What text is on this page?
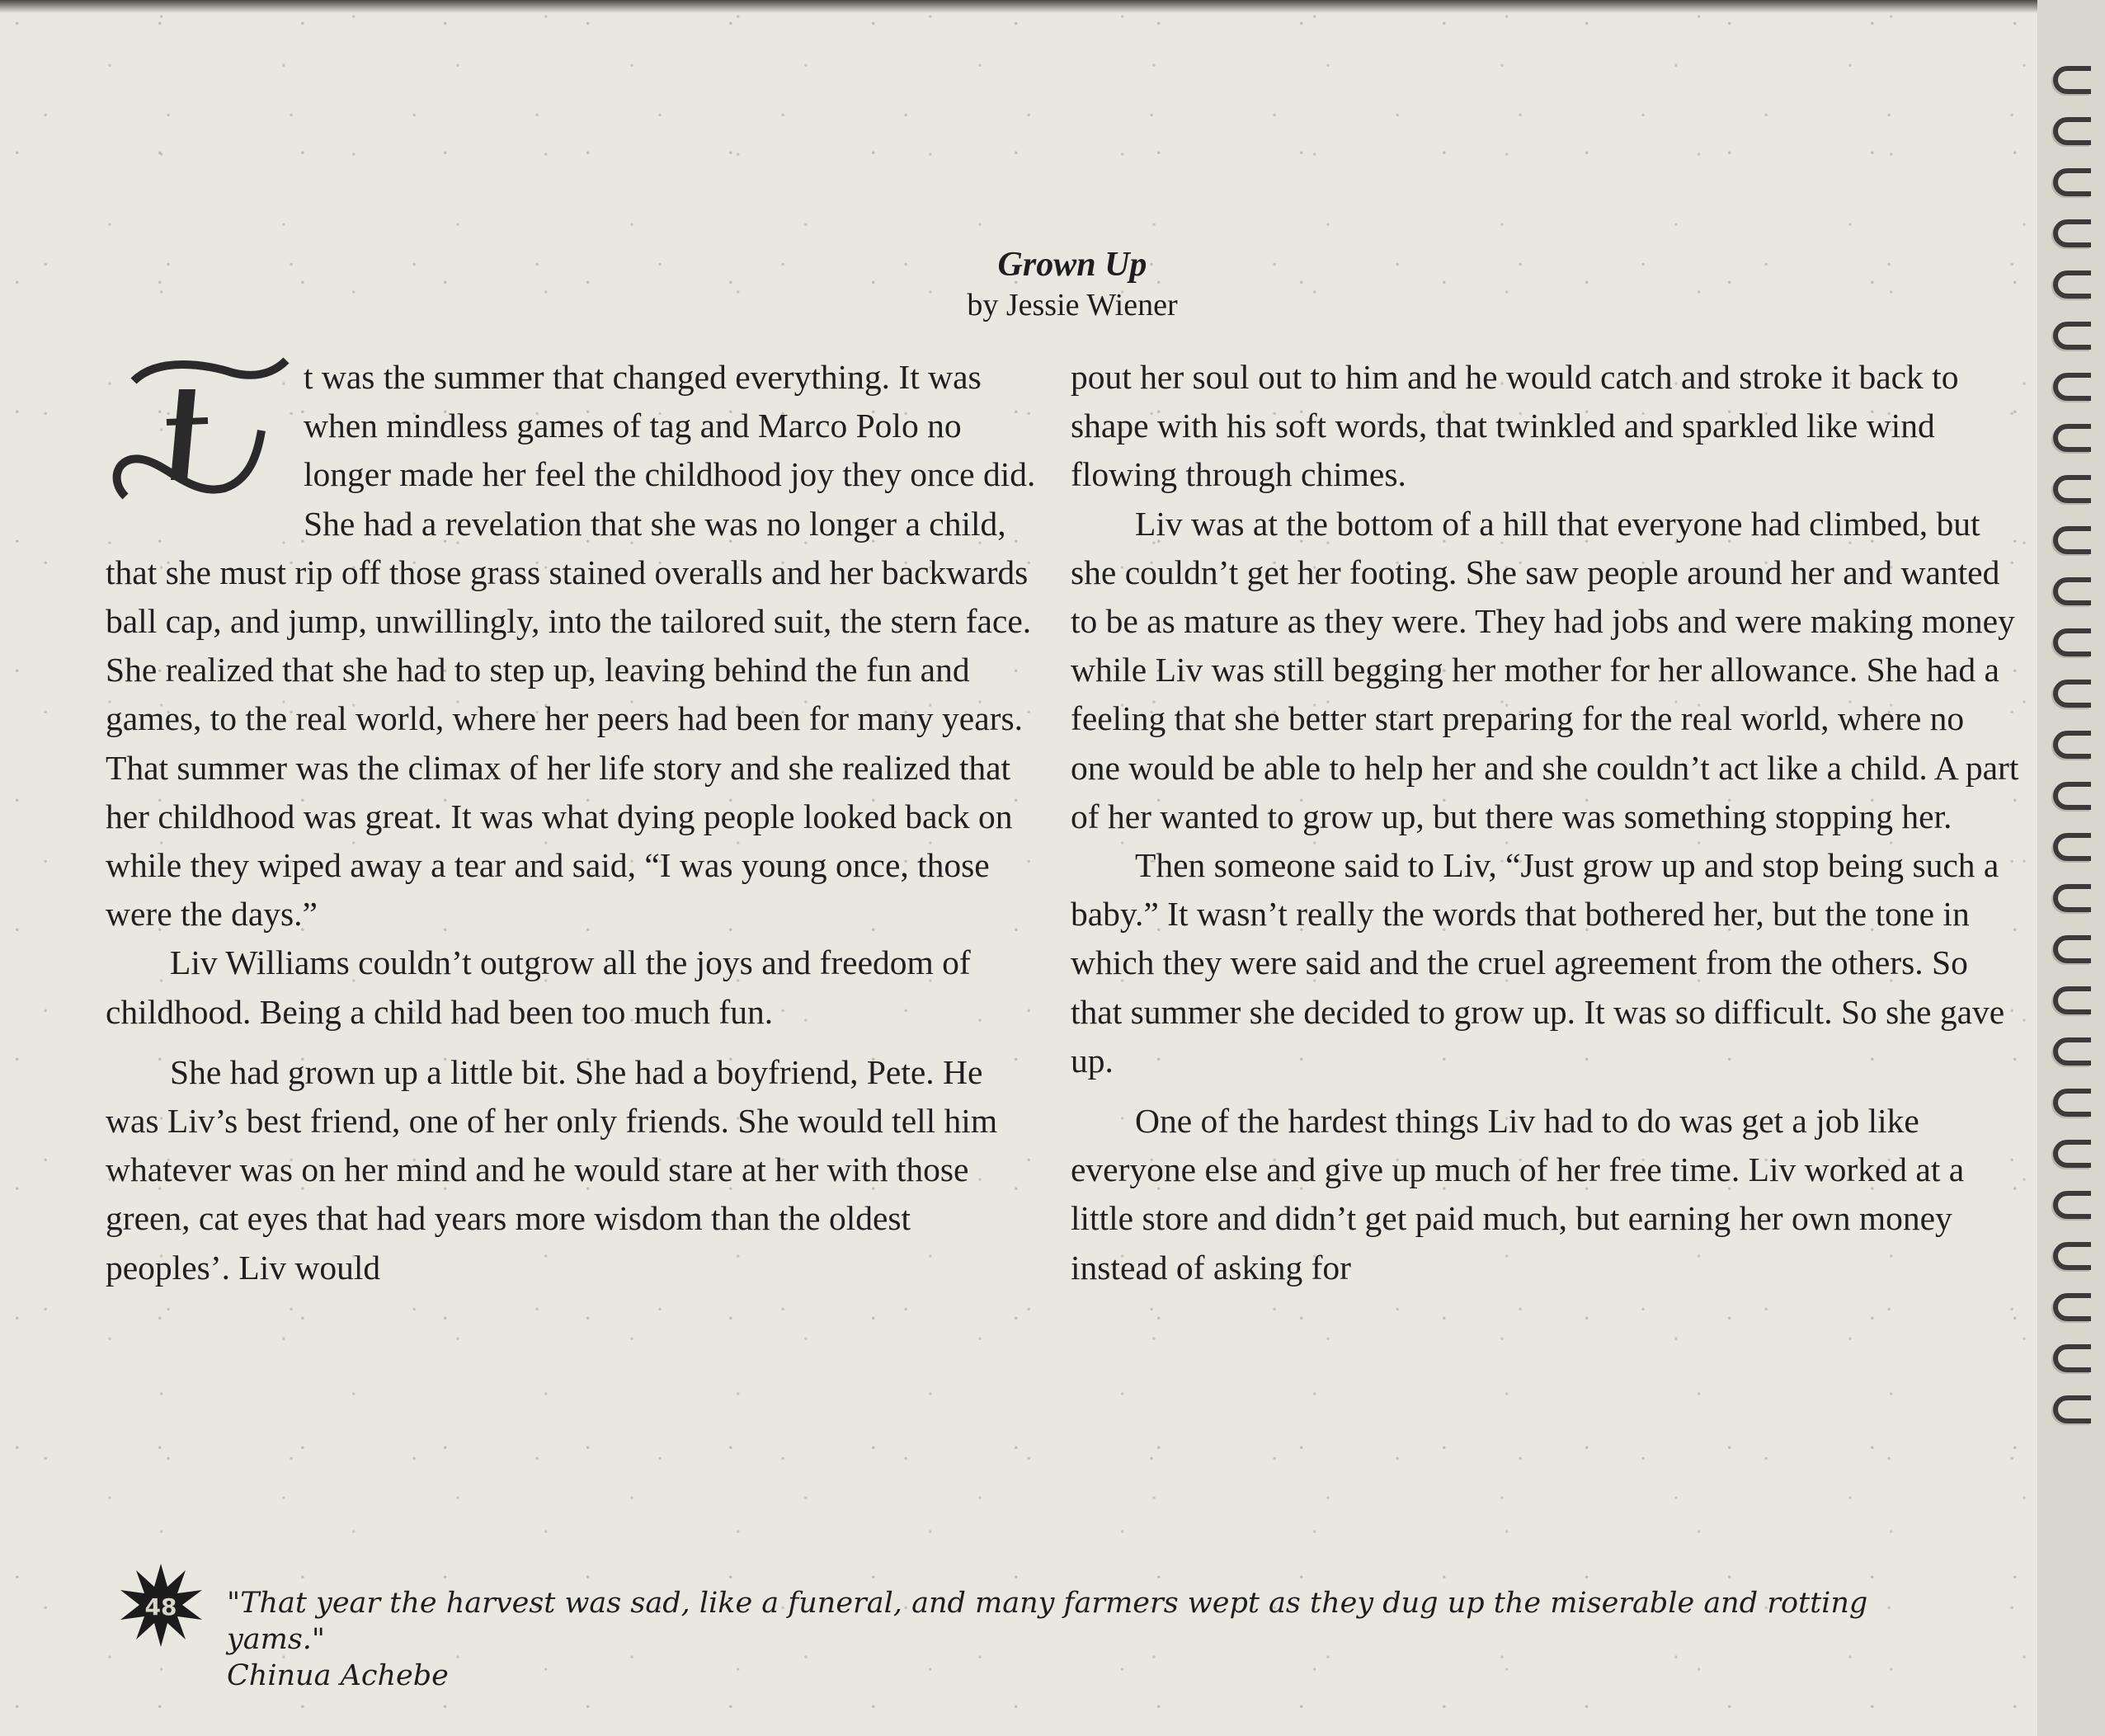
Grown Up
by Jessie Wiener

t was the summer that changed everything. It was when mindless games of tag and Marco Polo no longer made her feel the childhood joy they once did. She had a revelation that she was no longer a child, that she must rip off those grass stained overalls and her backwards ball cap, and jump, unwillingly, into the tailored suit, the stern face. She realized that she had to step up, leaving behind the fun and games, to the real world, where her peers had been for many years. That summer was the climax of her life story and she realized that her childhood was great. It was what dying people looked back on while they wiped away a tear and said, “I was young once, those were the days.”

Liv Williams couldn’t outgrow all the joys and freedom of childhood. Being a child had been too much fun.

She had grown up a little bit. She had a boyfriend, Pete. He was Liv’s best friend, one of her only friends. She would tell him whatever was on her mind and he would stare at her with those green, cat eyes that had years more wisdom than the oldest peoples’. Liv would

pout her soul out to him and he would catch and stroke it back to shape with his soft words, that twinkled and sparkled like wind flowing through chimes.

Liv was at the bottom of a hill that everyone had climbed, but she couldn’t get her footing. She saw people around her and wanted to be as mature as they were. They had jobs and were making money while Liv was still begging her mother for her allowance. She had a feeling that she better start preparing for the real world, where no one would be able to help her and she couldn’t act like a child. A part of her wanted to grow up, but there was something stopping her.

Then someone said to Liv, “Just grow up and stop being such a baby.” It wasn’t really the words that bothered her, but the tone in which they were said and the cruel agreement from the others. So that summer she decided to grow up. It was so difficult. So she gave up.

One of the hardest things Liv had to do was get a job like everyone else and give up much of her free time. Liv worked at a little store and didn’t get paid much, but earning her own money instead of asking for

48 "That year the harvest was sad, like a funeral, and many farmers wept as they dug up the miserable and rotting yams."
Chinua Achebe
